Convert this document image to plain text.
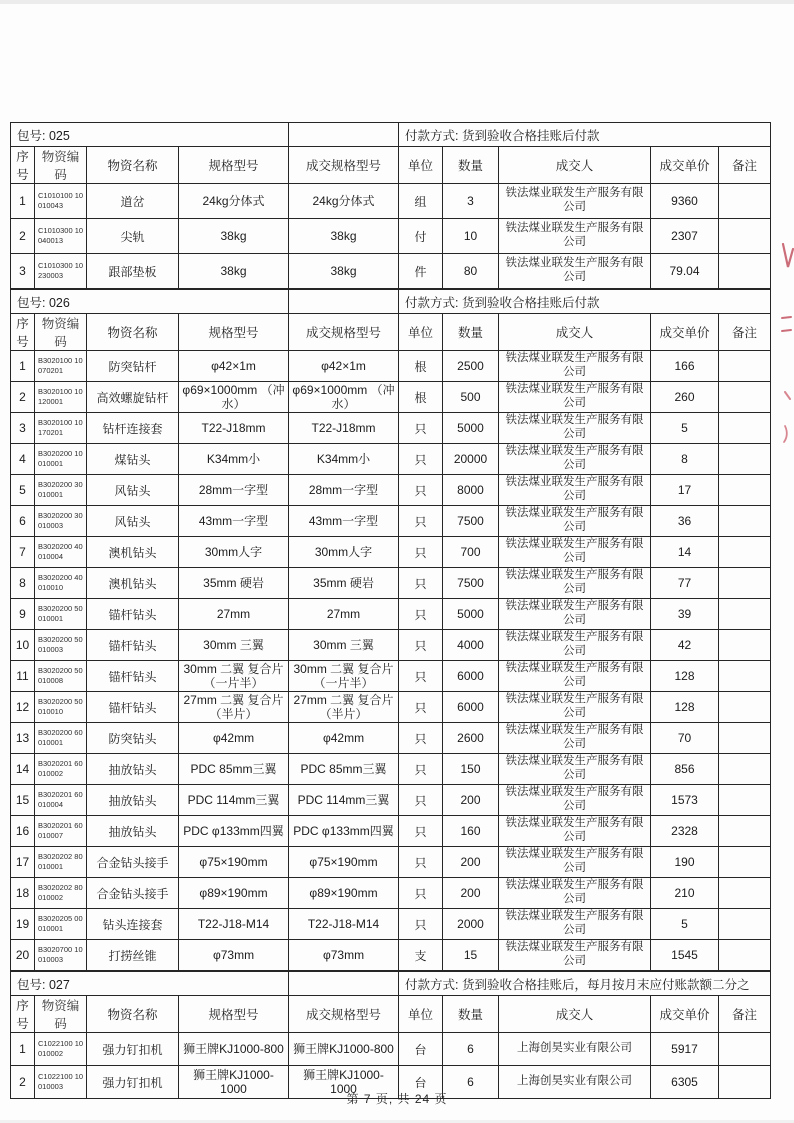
包号: 025					付款方式: 货到验收合格挂账后付款				
序号	物资编码	物资名称	规格型号	成交规格型号	单位	数量	成交人	成交单价	备注
1	C1010100 10010043	道岔	24kg分体式	24kg分体式	组	3	铁法煤业联发生产服务有限公司	9360	
2	C1010300 10040013	尖轨	38kg	38kg	付	10	铁法煤业联发生产服务有限公司	2307	
3	C1010300 10230003	跟部垫板	38kg	38kg	件	80	铁法煤业联发生产服务有限公司	79.04	
包号: 026					付款方式: 货到验收合格挂账后付款				
序号	物资编码	物资名称	规格型号	成交规格型号	单位	数量	成交人	成交单价	备注
1	B3020100 10070201	防突钻杆	φ42×1m	φ42×1m	根	2500	铁法煤业联发生产服务有限公司	166	
2	B3020100 10120001	高效螺旋钻杆	φ69×1000mm （冲水）	φ69×1000mm （冲水）	根	500	铁法煤业联发生产服务有限公司	260	
3	B3020100 10170201	钻杆连接套	T22-J18mm	T22-J18mm	只	5000	铁法煤业联发生产服务有限公司	5	
4	B3020200 10010001	煤钻头	K34mm小	K34mm小	只	20000	铁法煤业联发生产服务有限公司	8	
5	B3020200 30010001	风钻头	28mm一字型	28mm一字型	只	8000	铁法煤业联发生产服务有限公司	17	
6	B3020200 30010003	风钻头	43mm一字型	43mm一字型	只	7500	铁法煤业联发生产服务有限公司	36	
7	B3020200 40010004	澳机钻头	30mm人字	30mm人字	只	700	铁法煤业联发生产服务有限公司	14	
8	B3020200 40010010	澳机钻头	35mm 硬岩	35mm 硬岩	只	7500	铁法煤业联发生产服务有限公司	77	
9	B3020200 50010001	锚杆钻头	27mm	27mm	只	5000	铁法煤业联发生产服务有限公司	39	
10	B3020200 50010003	锚杆钻头	30mm 三翼	30mm 三翼	只	4000	铁法煤业联发生产服务有限公司	42	
11	B3020200 50010008	锚杆钻头	30mm 二翼 复合片（一片半）	30mm 二翼 复合片（一片半）	只	6000	铁法煤业联发生产服务有限公司	128	
12	B3020200 50010010	锚杆钻头	27mm 二翼 复合片（半片）	27mm 二翼 复合片（半片）	只	6000	铁法煤业联发生产服务有限公司	128	
13	B3020200 60010001	防突钻头	φ42mm	φ42mm	只	2600	铁法煤业联发生产服务有限公司	70	
14	B3020201 60010002	抽放钻头	PDC 85mm三翼	PDC 85mm三翼	只	150	铁法煤业联发生产服务有限公司	856	
15	B3020201 60010004	抽放钻头	PDC 114mm三翼	PDC 114mm三翼	只	200	铁法煤业联发生产服务有限公司	1573	
16	B3020201 60010007	抽放钻头	PDC φ133mm四翼	PDC φ133mm四翼	只	160	铁法煤业联发生产服务有限公司	2328	
17	B3020202 80010001	合金钻头接手	φ75×190mm	φ75×190mm	只	200	铁法煤业联发生产服务有限公司	190	
18	B3020202 80010002	合金钻头接手	φ89×190mm	φ89×190mm	只	200	铁法煤业联发生产服务有限公司	210	
19	B3020205 00010001	钻头连接套	T22-J18-M14	T22-J18-M14	只	2000	铁法煤业联发生产服务有限公司	5	
20	B3020700 10010003	打捞丝锥	φ73mm	φ73mm	支	15	铁法煤业联发生产服务有限公司	1545	
包号: 027					付款方式: 货到验收合格挂账后，每月按月末应付账款额二分之				
序号	物资编码	物资名称	规格型号	成交规格型号	单位	数量	成交人	成交单价	备注
1	C1022100 10010002	强力钉扣机	狮王牌KJ1000-800	狮王牌KJ1000-800	台	6	上海创昊实业有限公司	5917	
2	C1022100 10010003	强力钉扣机	狮王牌KJ1000-1000	狮王牌KJ1000-1000	台	6	上海创昊实业有限公司	6305	
第 7 页, 共 24 页
